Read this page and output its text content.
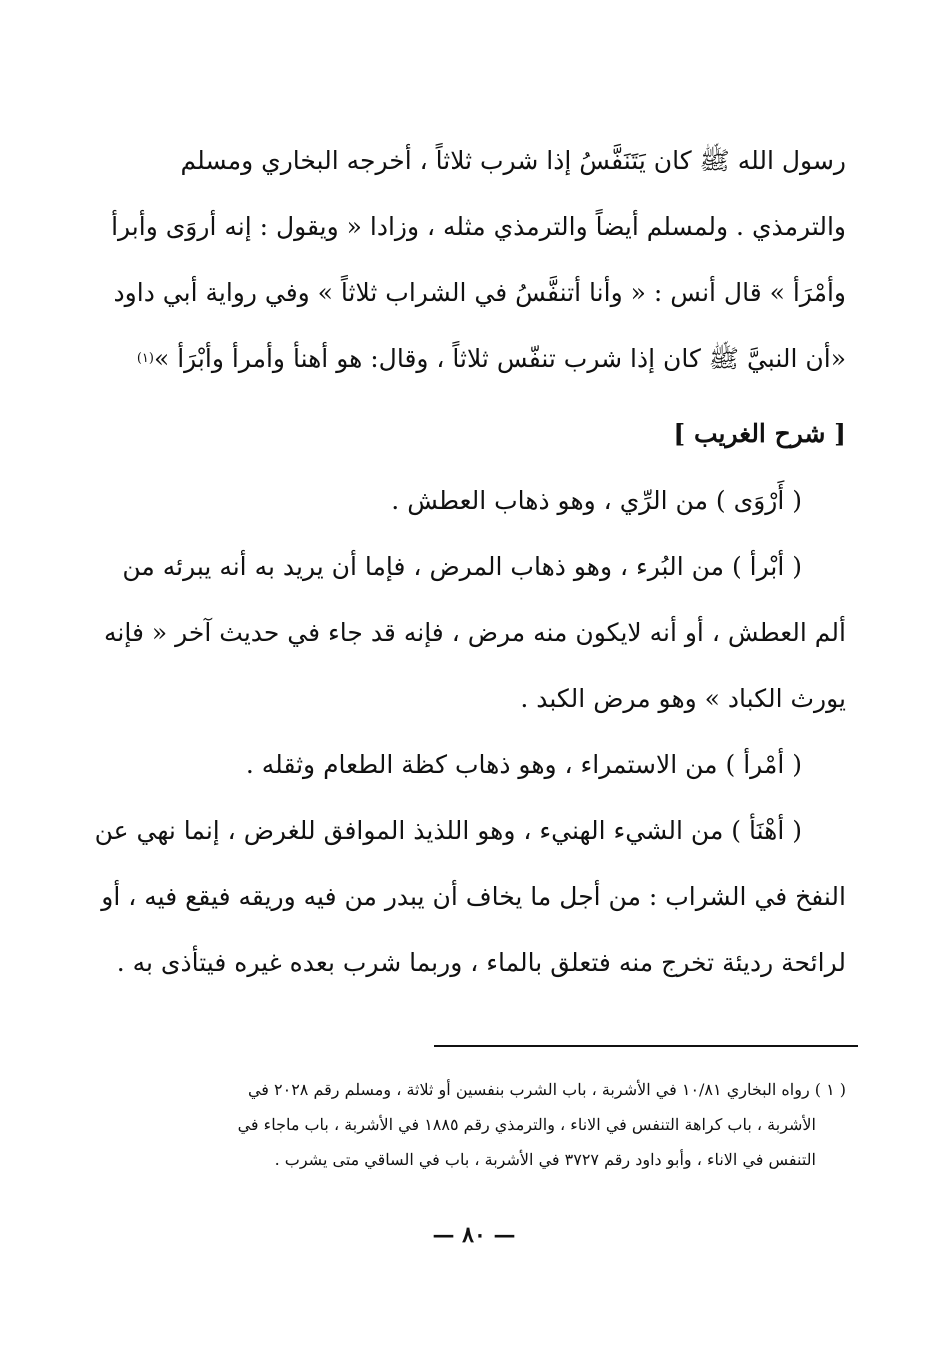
رسول الله ﷺ كان يَتَنَفَّسُ إذا شرب ثلاثاً ، أخرجه البخاري ومسلم
والترمذي . ولمسلم أيضاً والترمذي مثله ، وزادا « ويقول : إنه أروَى وأبرأ
وأمْرَأ » قال أنس : « وأنا أتنفَّسُ في الشراب ثلاثاً » وفي رواية أبي داود
«أن النبيَّ ﷺ كان إذا شرب تنفّس ثلاثاً ، وقال: هو أهنأ وأمرأ وأبْرَأ »
(١)
[ شرح الغريب ]
( أَرْوَى ) من الرِّي ، وهو ذهاب العطش .
( أبْرأ ) من البُرء ، وهو ذهاب المرض ، فإما أن يريد به أنه يبرئه من
ألم العطش ، أو أنه لايكون منه مرض ، فإنه قد جاء في حديث آخر « فإنه
يورث الكباد » وهو مرض الكبد .
( أمْرأ ) من الاستمراء ، وهو ذهاب كظة الطعام وثقله .
( أهْنَأ ) من الشيء الهنيء ، وهو اللذيذ الموافق للغرض ، إنما نهي عن
النفخ في الشراب : من أجل ما يخاف أن يبدر من فيه وريقه فيقع فيه ، أو
لرائحة رديئة تخرج منه فتعلق بالماء ، وربما شرب بعده غيره فيتأذى به .
( ١ ) رواه البخاري ١٠/٨١ في الأشربة ، باب الشرب بنفسين أو ثلاثة ، ومسلم رقم ٢٠٢٨ في
الأشربة ، باب كراهة التنفس في الاناء ، والترمذي رقم ١٨٨٥ في الأشربة ، باب ماجاء في
التنفس في الاناء ، وأبو داود رقم ٣٧٢٧ في الأشربة ، باب في الساقي متى يشرب .
— ٨٠ —
